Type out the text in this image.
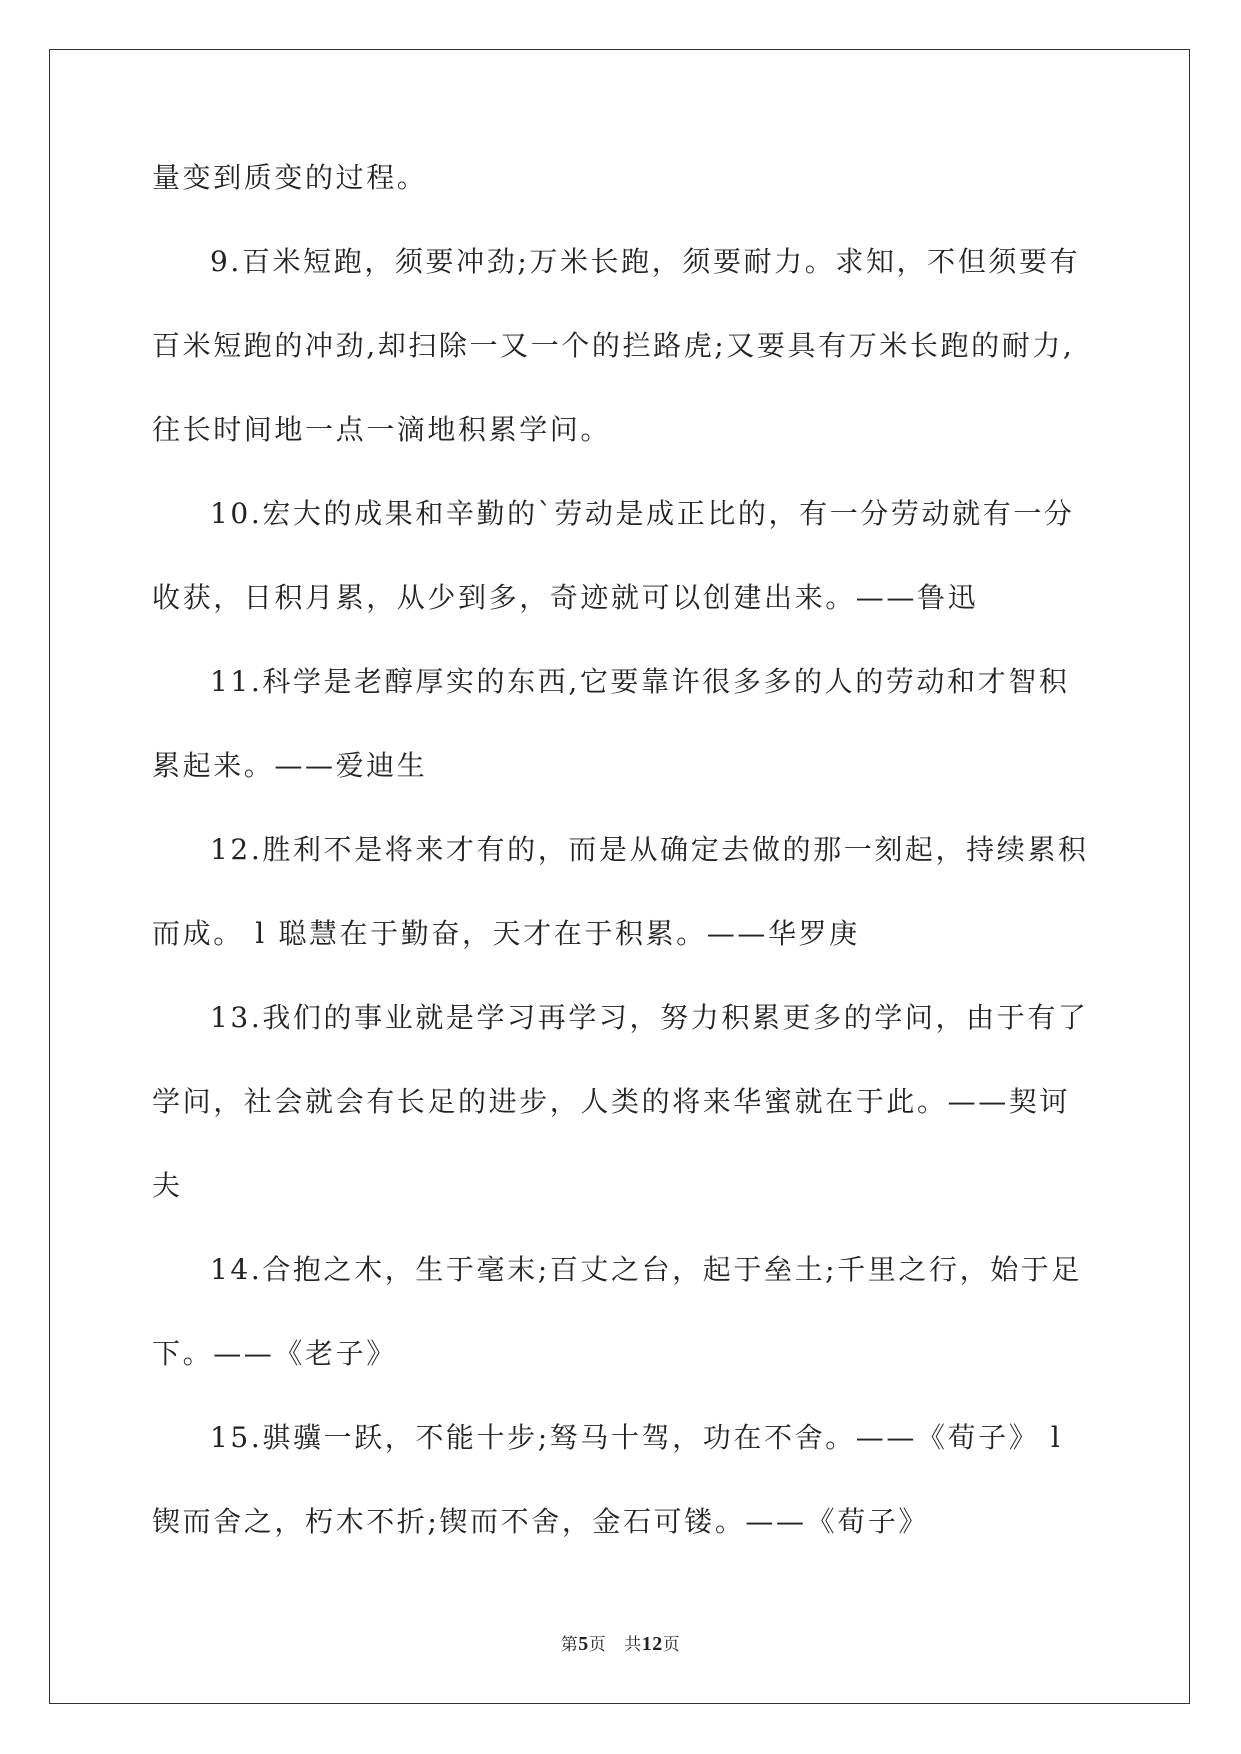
量变到质变的过程。
9.百米短跑，须要冲劲;万米长跑，须要耐力。求知，不但须要有
百米短跑的冲劲,却扫除一又一个的拦路虎;又要具有万米长跑的耐力,
往长时间地一点一滴地积累学问。
10.宏大的成果和辛勤的`劳动是成正比的，有一分劳动就有一分
收获，日积月累，从少到多，奇迹就可以创建出来。——鲁迅
11.科学是老醇厚实的东西,它要靠许很多多的人的劳动和才智积
累起来。——爱迪生
12.胜利不是将来才有的，而是从确定去做的那一刻起，持续累积
而成。 l 聪慧在于勤奋，天才在于积累。——华罗庚
13.我们的事业就是学习再学习，努力积累更多的学问，由于有了
学问，社会就会有长足的进步，人类的将来华蜜就在于此。——契诃
夫
14.合抱之木，生于毫末;百丈之台，起于垒土;千里之行，始于足
下。——《老子》
15.骐骥一跃，不能十步;驽马十驾，功在不舍。——《荀子》 l
锲而舍之，朽木不折;锲而不舍，金石可镂。——《荀子》
第5页 共12页
